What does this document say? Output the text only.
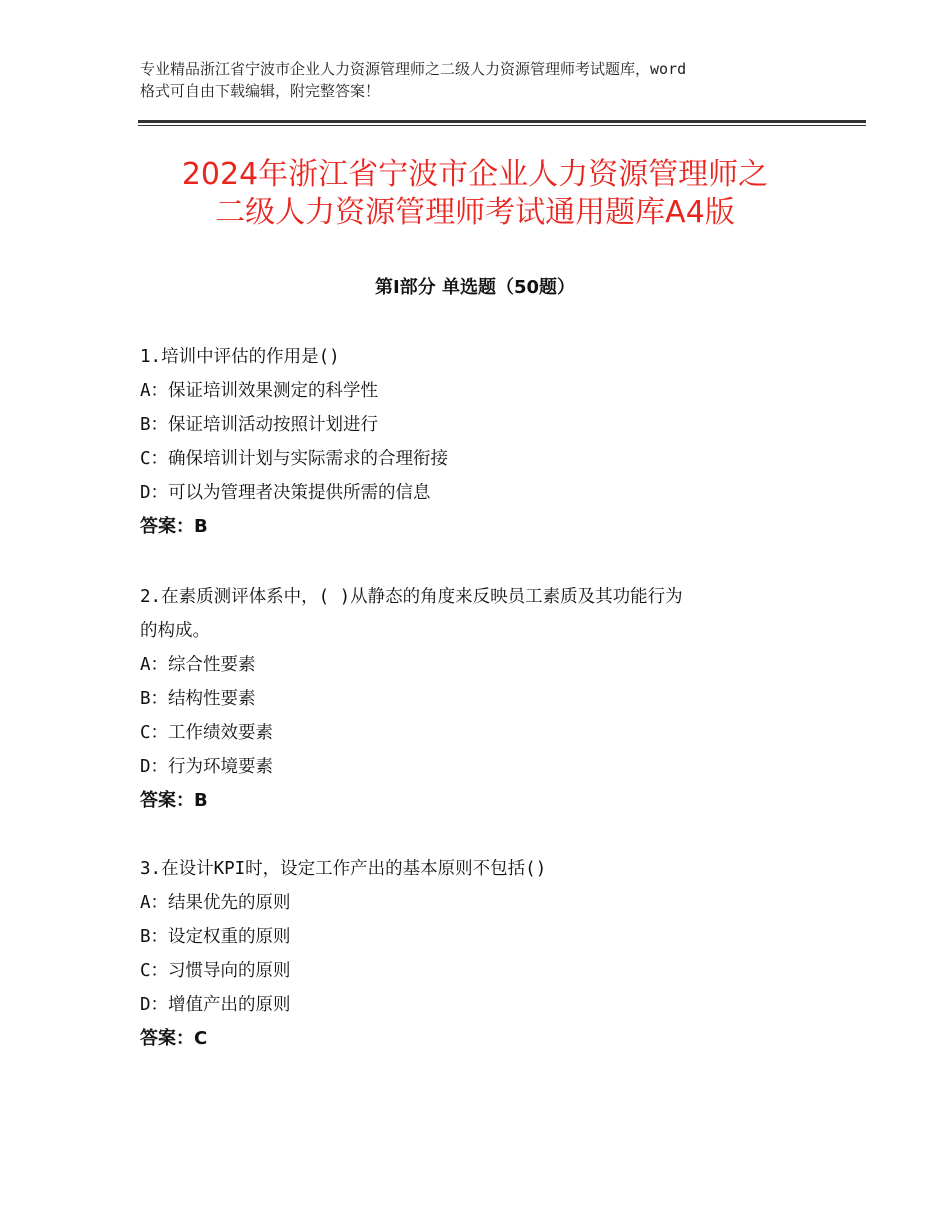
专业精品浙江省宁波市企业人力资源管理师之二级人力资源管理师考试题库，word
格式可自由下载编辑，附完整答案！
2024年浙江省宁波市企业人力资源管理师之
二级人力资源管理师考试通用题库A4版
第Ⅰ部分 单选题（50题）
1.培训中评估的作用是()
A：保证培训效果测定的科学性
B：保证培训活动按照计划进行
C：确保培训计划与实际需求的合理衔接
D：可以为管理者决策提供所需的信息
答案：B
2.在素质测评体系中，( )从静态的角度来反映员工素质及其功能行为
的构成。
A：综合性要素
B：结构性要素
C：工作绩效要素
D：行为环境要素
答案：B
3.在设计KPI时，设定工作产出的基本原则不包括()
A：结果优先的原则
B：设定权重的原则
C：习惯导向的原则
D：增值产出的原则
答案：C
